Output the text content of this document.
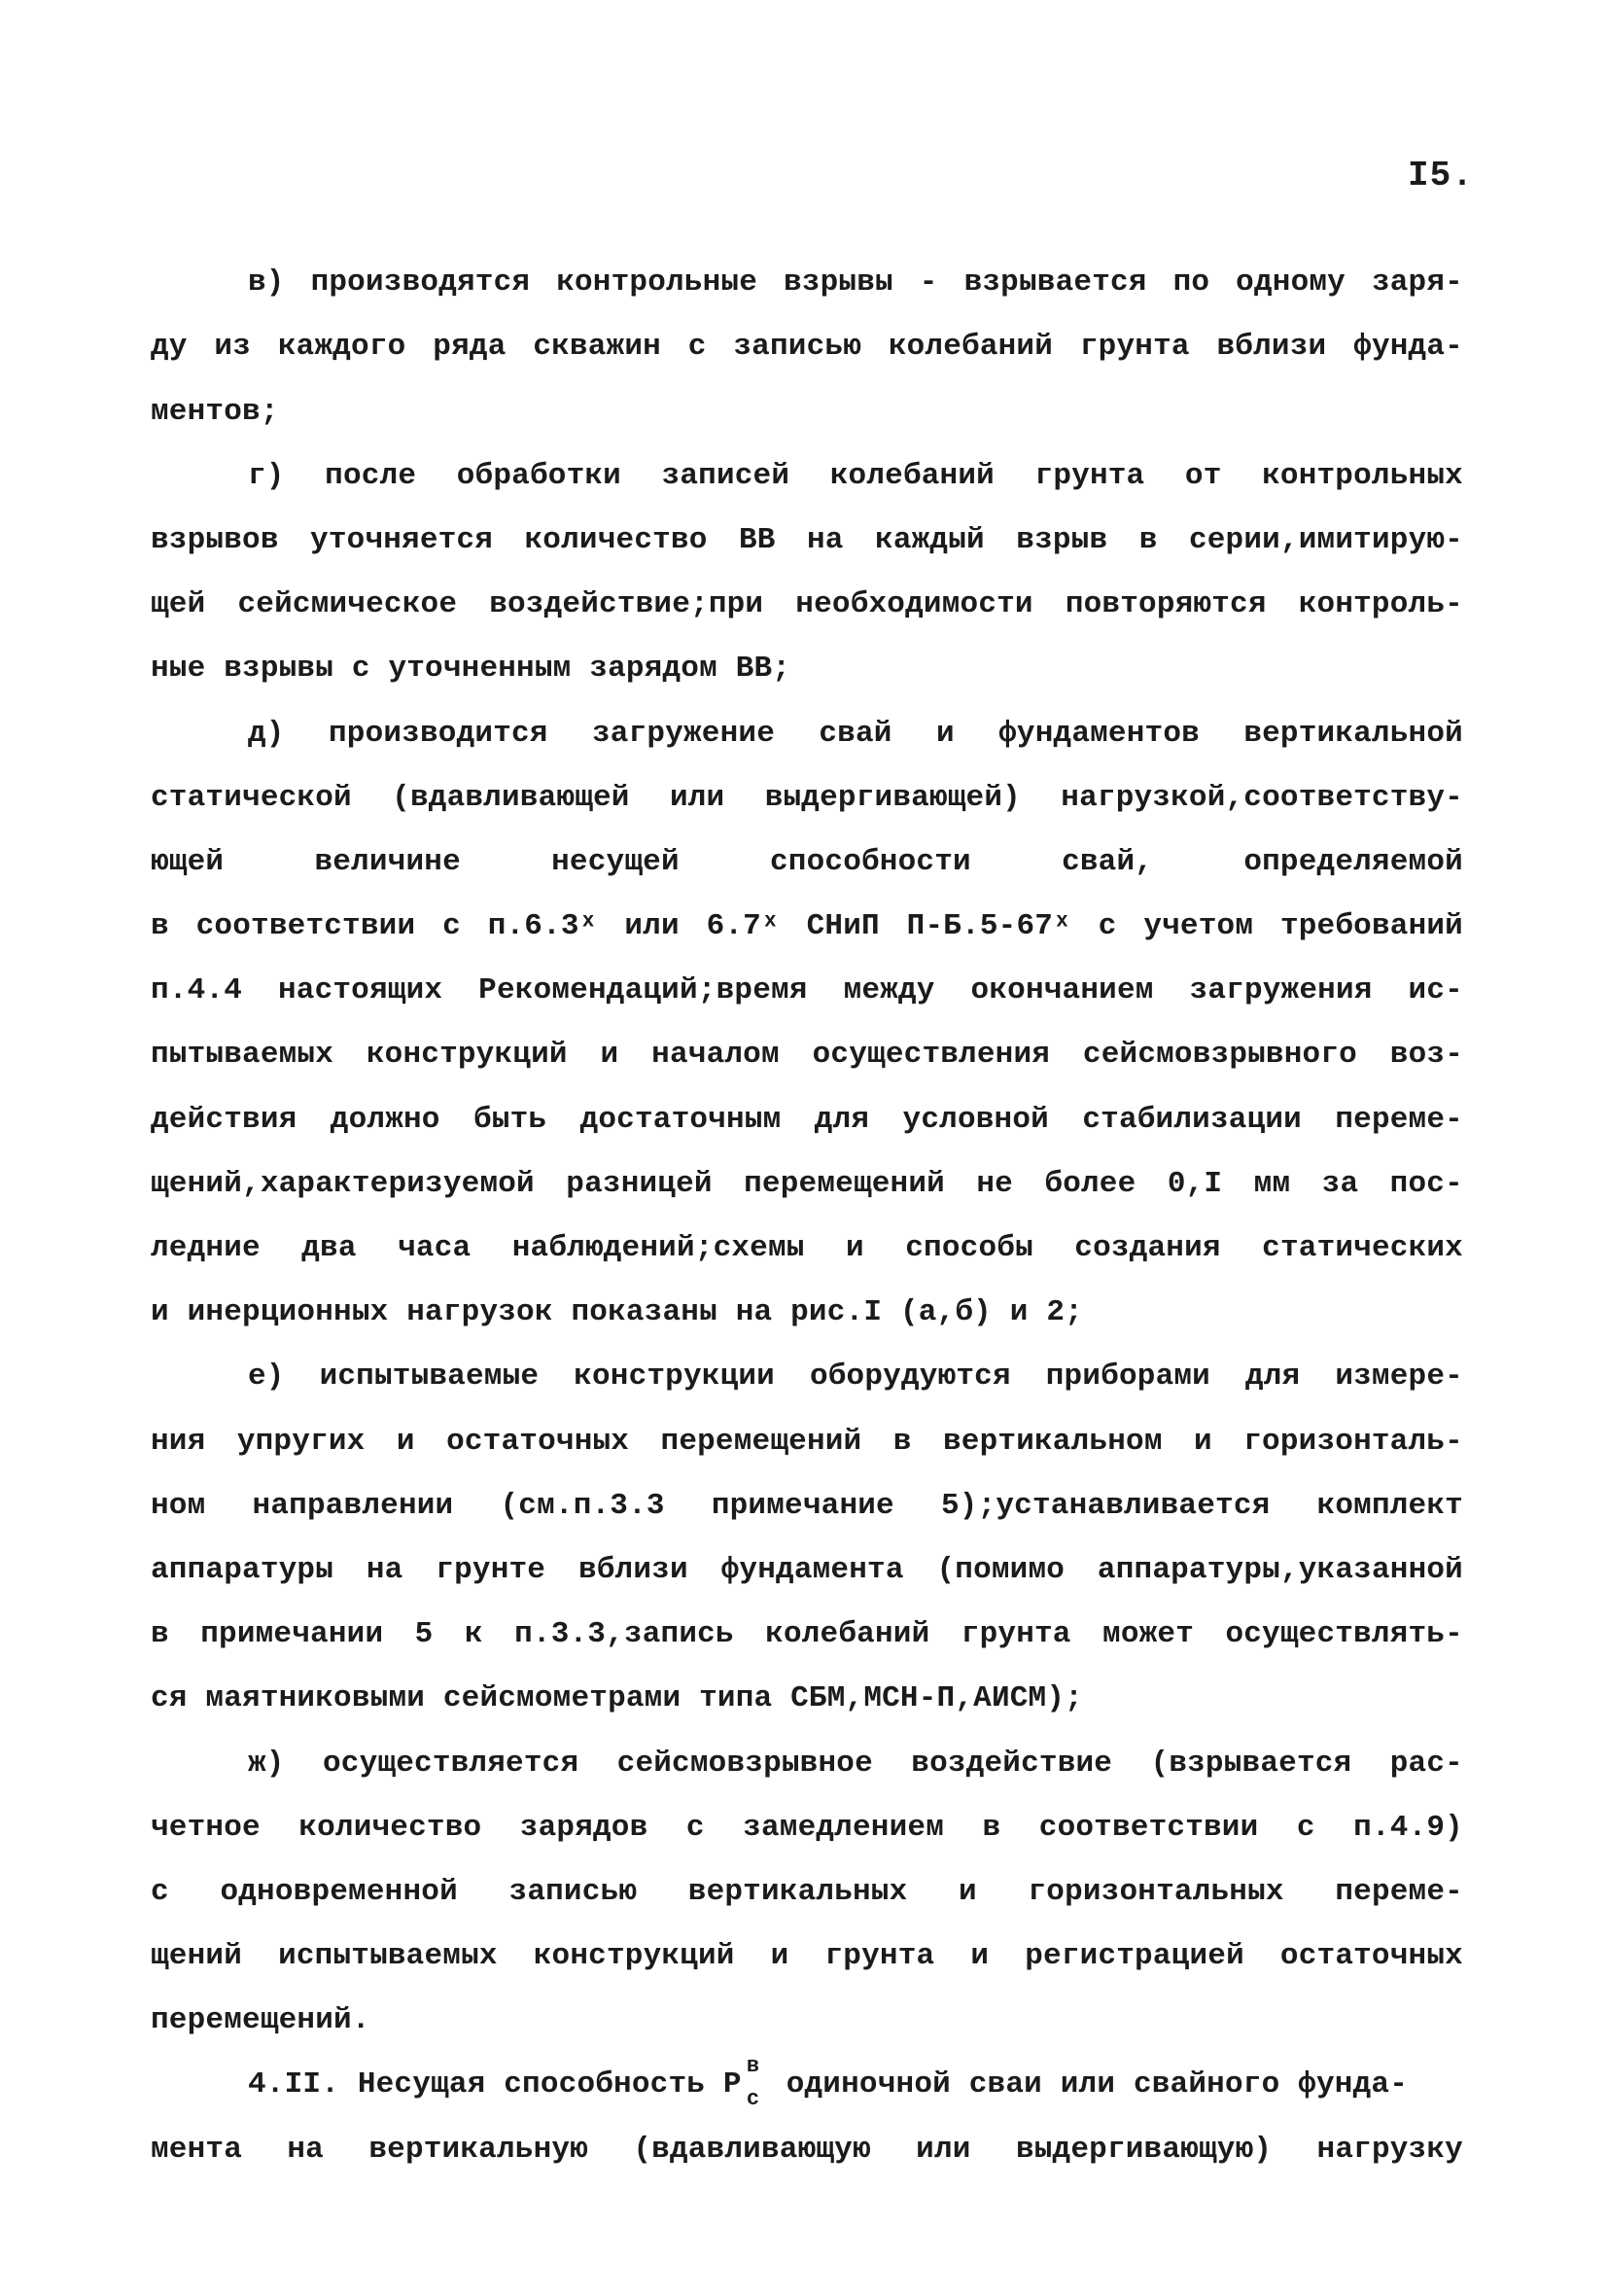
I5.
в) производятся контрольные взрывы - взрывается по одному заря-
ду из каждого ряда скважин с записью колебаний грунта вблизи фунда-
ментов;
г) после обработки записей колебаний грунта от контрольных
взрывов уточняется количество ВВ на каждый взрыв в серии,имитирую-
щей сейсмическое воздействие;при необходимости повторяются контроль-
ные взрывы с уточненным зарядом ВВ;
д) производится загружение свай и фундаментов вертикальной
статической (вдавливающей или выдергивающей) нагрузкой,соответству-
ющей	величине	несущей	способности	свай,	определяемой
в соответствии с п.6.3ˣ или 6.7ˣ СНиП П-Б.5-67ˣ с учетом требований
п.4.4 настоящих Рекомендаций;время между окончанием загружения ис-
пытываемых конструкций и началом осуществления сейсмовзрывного воз-
действия должно быть достаточным для условной стабилизации переме-
щений,характеризуемой разницей перемещений не более 0,I мм за пос-
ледние два часа наблюдений;схемы и способы создания статических
и инерционных нагрузок показаны на рис.I (а,б) и 2;
е) испытываемые конструкции оборудуются приборами для измере-
ния упругих и остаточных перемещений в вертикальном и горизонталь-
ном направлении (см.п.3.3 примечание 5);устанавливается комплект
аппаратуры на грунте вблизи фундамента (помимо аппаратуры,указанной
в примечании 5 к п.3.3,запись колебаний грунта может осуществлять-
ся маятниковыми сейсмометрами типа СБМ,МСН-П,АИСМ);
ж) осуществляется сейсмовзрывное воздействие (взрывается рас-
четное количество зарядов с замедлением в соответствии с п.4.9)
с одновременной записью вертикальных и горизонтальных переме-
щений испытываемых конструкций и грунта и регистрацией остаточных
перемещений.
4.II. Несущая способность P
в
с одиночной сваи или свайного фунда-
мента на вертикальную (вдавливающую или выдергивающую) нагрузку
